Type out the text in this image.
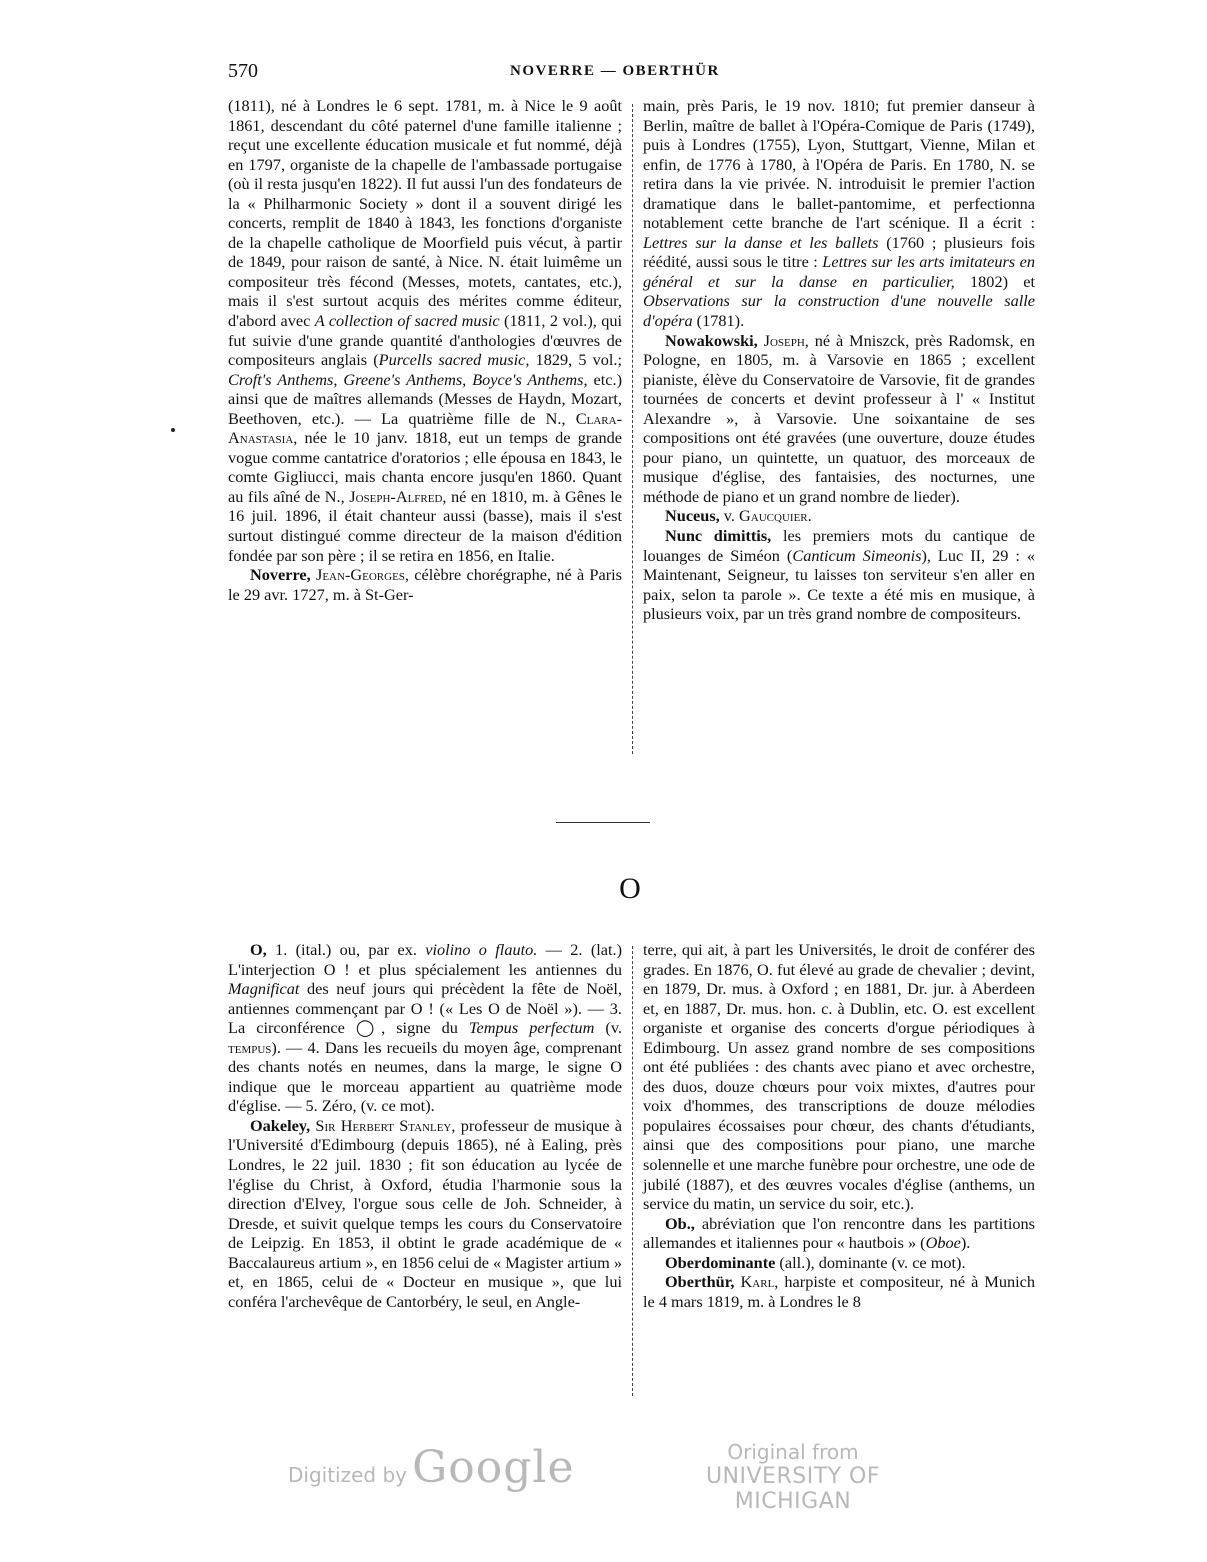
570	NOVERRE — OBERTHÜR

(1811), né à Londres le 6 sept. 1781, m. à Nice le 9 août 1861, descendant du côté paternel d'une famille italienne ; reçut une excellente éducation musicale et fut nommé, déjà en 1797, organiste de la chapelle de l'ambassade portugaise (où il resta jusqu'en 1822). Il fut aussi l'un des fondateurs de la « Philharmonic Society » dont il a souvent dirigé les concerts, remplit de 1840 à 1843, les fonctions d'organiste de la chapelle catholique de Moorfield puis vécut, à partir de 1849, pour raison de santé, à Nice. N. était luimême un compositeur très fécond (Messes, motets, cantates, etc.), mais il s'est surtout acquis des mérites comme éditeur, d'abord avec A collection of sacred music (1811, 2 vol.), qui fut suivie d'une grande quantité d'anthologies d'œuvres de compositeurs anglais (Purcells sacred music, 1829, 5 vol.; Croft's Anthems, Greene's Anthems, Boyce's Anthems, etc.) ainsi que de maîtres allemands (Messes de Haydn, Mozart, Beethoven, etc.). — La quatrième fille de N., Clara-Anastasia, née le 10 janv. 1818, eut un temps de grande vogue comme cantatrice d'oratorios ; elle épousa en 1843, le comte Gigliucci, mais chanta encore jusqu'en 1860. Quant au fils aîné de N., Joseph-Alfred, né en 1810, m. à Gênes le 16 juil. 1896, il était chanteur aussi (basse), mais il s'est surtout distingué comme directeur de la maison d'édition fondée par son père ; il se retira en 1856, en Italie.

Noverre, Jean-Georges, célèbre chorégraphe, né à Paris le 29 avr. 1727, m. à St-Ger-

main, près Paris, le 19 nov. 1810; fut premier danseur à Berlin, maître de ballet à l'Opéra-Comique de Paris (1749), puis à Londres (1755), Lyon, Stuttgart, Vienne, Milan et enfin, de 1776 à 1780, à l'Opéra de Paris. En 1780, N. se retira dans la vie privée. N. introduisit le premier l'action dramatique dans le ballet-pantomime, et perfectionna notablement cette branche de l'art scénique. Il a écrit : Lettres sur la danse et les ballets (1760 ; plusieurs fois réédité, aussi sous le titre : Lettres sur les arts imitateurs en général et sur la danse en particulier, 1802) et Observations sur la construction d'une nouvelle salle d'opéra (1781).

Nowakowski, Joseph, né à Mniszck, près Radomsk, en Pologne, en 1805, m. à Varsovie en 1865 ; excellent pianiste, élève du Conservatoire de Varsovie, fit de grandes tournées de concerts et devint professeur à l' « Institut Alexandre », à Varsovie. Une soixantaine de ses compositions ont été gravées (une ouverture, douze études pour piano, un quintette, un quatuor, des morceaux de musique d'église, des fantaisies, des nocturnes, une méthode de piano et un grand nombre de lieder).

Nuceus, v. Gaucquier.

Nunc dimittis, les premiers mots du cantique de louanges de Siméon (Canticum Simeonis), Luc II, 29 : « Maintenant, Seigneur, tu laisses ton serviteur s'en aller en paix, selon ta parole ». Ce texte a été mis en musique, à plusieurs voix, par un très grand nombre de compositeurs.

O

O, 1. (ital.) ou, par ex. violino o flauto. — 2. (lat.) L'interjection O ! et plus spécialement les antiennes du Magnificat des neuf jours qui précèdent la fête de Noël, antiennes commençant par O ! (« Les O de Noël »). — 3. La circonférence ◯, signe du Tempus perfectum (v. tempus). — 4. Dans les recueils du moyen âge, comprenant des chants notés en neumes, dans la marge, le signe O indique que le morceau appartient au quatrième mode d'église. — 5. Zéro, (v. ce mot).

Oakeley, Sir Herbert Stanley, professeur de musique à l'Université d'Edimbourg (depuis 1865), né à Ealing, près Londres, le 22 juil. 1830 ; fit son éducation au lycée de l'église du Christ, à Oxford, étudia l'harmonie sous la direction d'Elvey, l'orgue sous celle de Joh. Schneider, à Dresde, et suivit quelque temps les cours du Conservatoire de Leipzig. En 1853, il obtint le grade académique de « Baccalaureus artium », en 1856 celui de « Magister artium » et, en 1865, celui de « Docteur en musique », que lui conféra l'archevêque de Cantorbéry, le seul, en Angle-

terre, qui ait, à part les Universités, le droit de conférer des grades. En 1876, O. fut élevé au grade de chevalier ; devint, en 1879, Dr. mus. à Oxford ; en 1881, Dr. jur. à Aberdeen et, en 1887, Dr. mus. hon. c. à Dublin, etc. O. est excellent organiste et organise des concerts d'orgue périodiques à Edimbourg. Un assez grand nombre de ses compositions ont été publiées : des chants avec piano et avec orchestre, des duos, douze chœurs pour voix mixtes, d'autres pour voix d'hommes, des transcriptions de douze mélodies populaires écossaises pour chœur, des chants d'étudiants, ainsi que des compositions pour piano, une marche solennelle et une marche funèbre pour orchestre, une ode de jubilé (1887), et des œuvres vocales d'église (anthems, un service du matin, un service du soir, etc.).

Ob., abréviation que l'on rencontre dans les partitions allemandes et italiennes pour « hautbois » (Oboe).

Oberdominante (all.), dominante (v. ce mot).

Oberthür, Karl, harpiste et compositeur, né à Munich le 4 mars 1819, m. à Londres le 8

Digitized by Google	Original from
UNIVERSITY OF MICHIGAN
